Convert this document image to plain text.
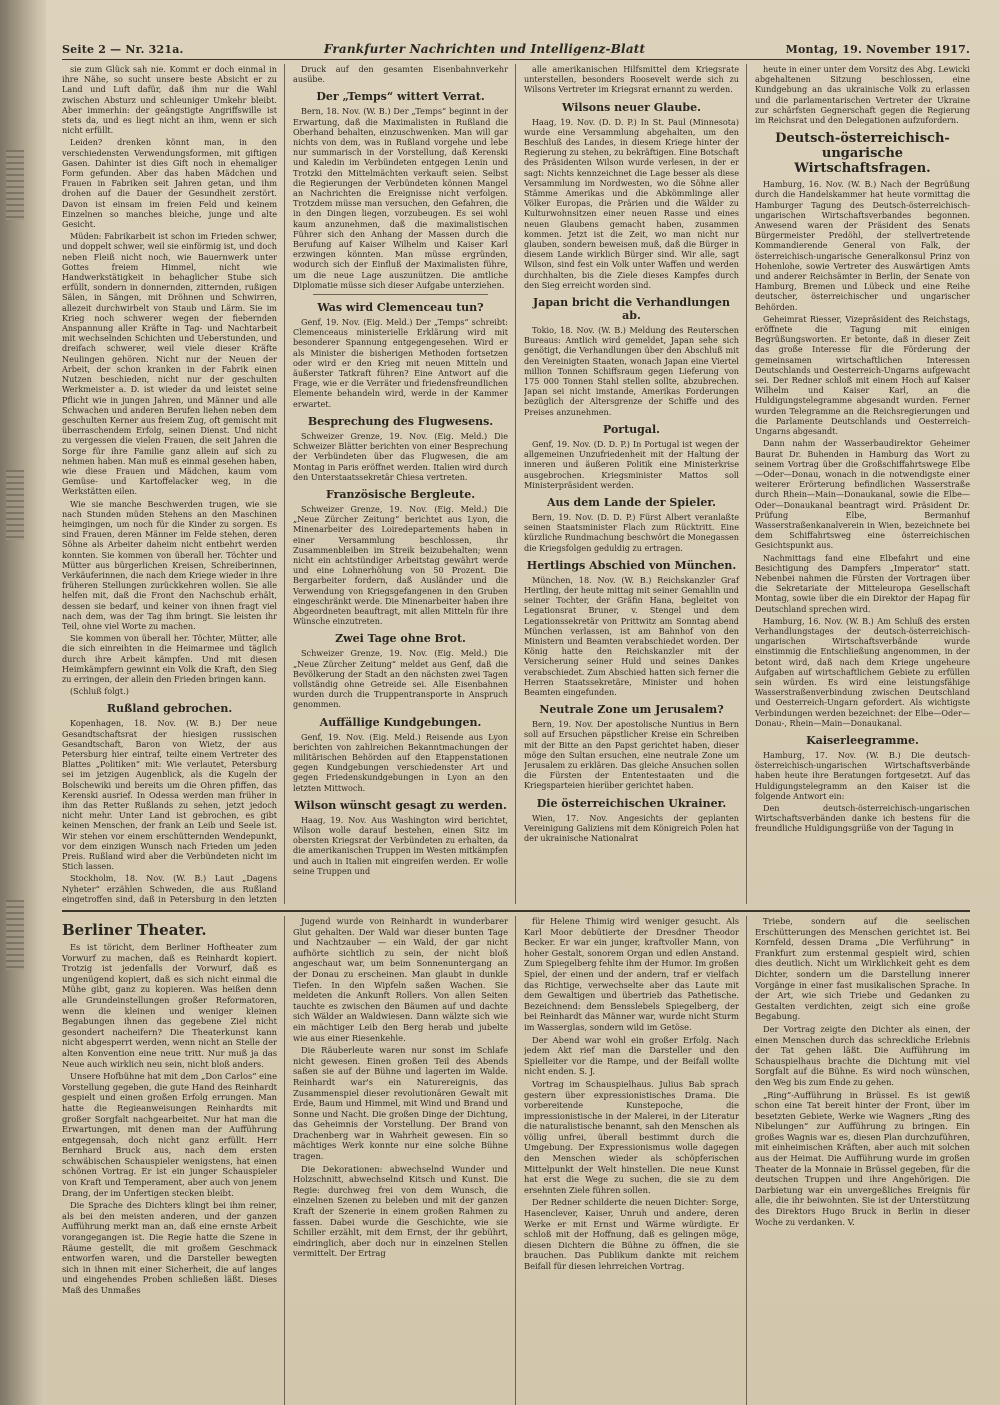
Seite 2 — Nr. 321a.	Frankfurter Nachrichten und Intelligenz-Blatt	Montag, 19. November 1917.

sie zum Glück sah nie. Kommt er doch einmal in ihre Nähe, so sucht unsere beste Absicht er zu Land und Luft dafür, daß ihm nur die Wahl zwischen Absturz und schleuniger Umkehr bleibt. Aber immerhin: der geängstigte Angriffswille ist stets da, und es liegt nicht an ihm, wenn er sich nicht erfüllt.

Leiden? drenken könnt man, in den verschiedensten Verwendungsformen, mit giftigen Gasen. Dahinter ist dies Gift noch in ehemaliger Form gefunden. Aber das haben Mädchen und Frauen in Fabriken seit Jahren getan, und ihm drohen auf die Dauer der Gesundheit zerstört. Davon ist einsam im freien Feld und keinem Einzelnen so manches bleiche, junge und alte Gesicht.

Müden: Fabrikarbeit ist schon im Frieden schwer, und doppelt schwer, weil sie einförmig ist, und doch neben Fleiß nicht noch, wie Bauernwerk unter Gottes freiem Himmel, nicht wie Handwerkstätigkeit in behaglicher Stube sich erfüllt, sondern in donnernden, zitternden, rußigen Sälen, in Sängen, mit Dröhnen und Schwirren, allezeit durchwirbelt von Staub und Lärm. Sie im Krieg noch schwerer wegen der fiebernden Anspannung aller Kräfte in Tag- und Nachtarbeit mit wechselnden Schichten und Ueberstunden, und dreifach schwerer, weil viele dieser Kräfte Neulingen gehören. Nicht nur der Neuen der Arbeit, der schon kranken in der Fabrik einen Nutzen beschieden, nicht nur der geschulten Werkmeister a. D. ist wieder da und leistet seine Pflicht wie in jungen Jahren, und Männer und alle Schwachen und anderen Berufen liehen neben dem geschulten Kerner aus freiem Zug, oft gemischt mit überraschendem Erfolg, seinen Dienst. Und nicht zu vergessen die vielen Frauen, die seit Jahren die Sorge für ihre Familie ganz allein auf sich zu nehmen haben. Man muß es einmal gesehen haben, wie diese Frauen und Mädchen, kaum vom Gemüse- und Kartoffelacker weg, in die Werkstätten eilen.

Wie sie manche Beschwerden trugen, wie sie nach Stunden müden Stehens an den Maschinen heimgingen, um noch für die Kinder zu sorgen. Es sind Frauen, deren Männer im Felde stehen, deren Söhne als Arbeiter daheim nicht entbehrt werden konnten. Sie kommen von überall her. Töchter und Mütter aus bürgerlichen Kreisen, Schreiberinnen, Verkäuferinnen, die nach dem Kriege wieder in ihre früheren Stellungen zurückkehren wollen. Sie alle helfen mit, daß die Front den Nachschub erhält, dessen sie bedarf, und keiner von ihnen fragt viel nach dem, was der Tag ihm bringt. Sie leisten ihr Teil, ohne viel Worte zu machen.

Sie kommen von überall her. Töchter, Mütter, alle die sich einreihten in die Heimarmee und täglich durch ihre Arbeit kämpfen. Und mit diesen Heimkämpfern gewinnt ein Volk die Kraft, den Sieg zu erringen, der allein den Frieden bringen kann.

(Schluß folgt.)

Rußland gebrochen.

Kopenhagen, 18. Nov. (W. B.) Der neue Gesandtschaftsrat der hiesigen russischen Gesandtschaft, Baron von Wietz, der aus Petersburg hier eintraf, teilte einem Vertreter des Blattes „Politiken“ mit: Wie verlautet, Petersburg sei im jetzigen Augenblick, als die Kugeln der Bolschewiki und bereits um die Ohren pfiffen, das Kerenski ausrief. In Odessa werden man früher in ihm das Retter Rußlands zu sehen, jetzt jedoch nicht mehr. Unter Land ist gebrochen, es gibt keinen Menschen, der frank an Leib und Seele ist. Wir stehen vor einem erschütternden Wendepunkt, vor dem einzigen Wunsch nach Frieden um jeden Preis. Rußland wird aber die Verbündeten nicht im Stich lassen.

Stockholm, 18. Nov. (W. B.) Laut „Dagens Nyheter“ erzählen Schweden, die aus Rußland eingetroffen sind, daß in Petersburg in den letzten

Druck auf den gesamten Eisenbahnverkehr ausübe.

Der „Temps“ wittert Verrat.

Bern, 18. Nov. (W. B.) Der „Temps“ beginnt in der Erwartung, daß die Maximalisten in Rußland die Oberhand behalten, einzuschwenken. Man will gar nichts von dem, was in Rußland vorgehe und lebe nur summarisch in der Vorstellung, daß Kerenski und Kaledin im Verbündeten entgegen Lenin und Trotzki den Mittelmächten verkauft seien. Selbst die Regierungen der Verbündeten können Mangel an Nachrichten die Ereignisse nicht verfolgen. Trotzdem müsse man versuchen, den Gefahren, die in den Dingen liegen, vorzubeugen. Es sei wohl kaum anzunehmen, daß die maximalistischen Führer sich den Anhang der Massen durch die Berufung auf Kaiser Wilhelm und Kaiser Karl erzwingen könnten. Man müsse ergründen, wodurch sich der Einfluß der Maximalisten führe, um die neue Lage auszunützen. Die amtliche Diplomatie müsse sich dieser Aufgabe unterziehen.

Was wird Clemenceau tun?

Genf, 19. Nov. (Eig. Meld.) Der „Temps“ schreibt: Clemenceaus ministerielle Erklärung wird mit besonderer Spannung entgegengesehen. Wird er als Minister die bisherigen Methoden fortsetzen oder wird er den Krieg mit neuen Mitteln und äußerster Tatkraft führen? Eine Antwort auf die Frage, wie er die Verräter und friedensfreundlichen Elemente behandeln wird, werde in der Kammer erwartet.

Besprechung des Flugwesens.

Schweizer Grenze, 19. Nov. (Eig. Meld.) Die Schweizer Blätter berichten von einer Besprechung der Verbündeten über das Flugwesen, die am Montag in Paris eröffnet werden. Italien wird durch den Unterstaatssekretär Chiesa vertreten.

Französische Bergleute.

Schweizer Grenze, 19. Nov. (Eig. Meld.) Die „Neue Zürcher Zeitung“ berichtet aus Lyon, die Minenarbeiter des Loiredepartements haben in einer Versammlung beschlossen, ihr Zusammenbleiben im Streik beizubehalten; wenn nicht ein achtstündiger Arbeitstag gewährt werde und eine Lohnerhöhung von 50 Prozent. Die Bergarbeiter fordern, daß Ausländer und die Verwendung von Kriegsgefangenen in den Gruben eingeschränkt werde. Die Minenarbeiter haben ihre Abgeordneten beauftragt, mit allen Mitteln für ihre Wünsche einzutreten.

Zwei Tage ohne Brot.

Schweizer Grenze, 19. Nov. (Eig. Meld.) Die „Neue Zürcher Zeitung“ meldet aus Genf, daß die Bevölkerung der Stadt an den nächsten zwei Tagen vollständig ohne Getreide sei. Alle Eisenbahnen wurden durch die Truppentransporte in Anspruch genommen.

Auffällige Kundgebungen.

Genf, 19. Nov. (Eig. Meld.) Reisende aus Lyon berichten von zahlreichen Bekanntmachungen der militärischen Behörden auf den Etappenstationen gegen Kundgebungen verschiedenster Art und gegen Friedenskundgebungen in Lyon an den letzten Mittwoch.

Wilson wünscht gesagt zu werden.

Haag, 19. Nov. Aus Washington wird berichtet, Wilson wolle darauf bestehen, einen Sitz im obersten Kriegsrat der Verbündeten zu erhalten, da die amerikanischen Truppen im Westen mitkämpfen und auch in Italien mit eingreifen werden. Er wolle seine Truppen und

alle amerikanischen Hilfsmittel dem Kriegsrate unterstellen, besonders Roosevelt werde sich zu Wilsons Vertreter im Kriegsrat ernannt zu werden.

Wilsons neuer Glaube.

Haag, 19. Nov. (D. D. P.) In St. Paul (Minnesota) wurde eine Versammlung abgehalten, um den Beschluß des Landes, in diesem Kriege hinter der Regierung zu stehen, zu bekräftigen. Eine Botschaft des Präsidenten Wilson wurde verlesen, in der er sagt: Nichts kennzeichnet die Lage besser als diese Versammlung im Nordwesten, wo die Söhne aller Stämme Amerikas und die Abkömmlinge aller Völker Europas, die Prärien und die Wälder zu Kulturwohnsitzen einer neuen Rasse und eines neuen Glaubens gemacht haben, zusammen kommen. Jetzt ist die Zeit, wo man nicht nur glauben, sondern beweisen muß, daß die Bürger in diesem Lande wirklich Bürger sind. Wir alle, sagt Wilson, sind fest ein Volk unter Waffen und werden durchhalten, bis die Ziele dieses Kampfes durch den Sieg erreicht worden sind.

Japan bricht die Verhandlungen ab.

Tokio, 18. Nov. (W. B.) Meldung des Reuterschen Bureaus: Amtlich wird gemeldet, Japan sehe sich genötigt, die Verhandlungen über den Abschluß mit den Vereinigten Staaten, wonach Japan eine Viertel million Tonnen Schiffsraum gegen Lieferung von 175 000 Tonnen Stahl stellen sollte, abzubrechen. Japan sei nicht imstande, Amerikas Forderungen bezüglich der Altersgrenze der Schiffe und des Preises anzunehmen.

Portugal.

Genf, 19. Nov. (D. D. P.) In Portugal ist wegen der allgemeinen Unzufriedenheit mit der Haltung der inneren und äußeren Politik eine Ministerkrise ausgebrochen. Kriegsminister Mattos soll Ministerpräsident werden.

Aus dem Lande der Spieler.

Bern, 19. Nov. (D. D. P.) Fürst Albert veranlaßte seinen Staatsminister Flach zum Rücktritt. Eine kürzliche Rundmachung beschwört die Monegassen die Kriegsfolgen geduldig zu ertragen.

Hertlings Abschied von München.

München, 18. Nov. (W. B.) Reichskanzler Graf Hertling, der heute mittag mit seiner Gemahlin und seiner Tochter, der Gräfin Hana, begleitet von Legationsrat Bruner, v. Stengel und dem Legationssekretär von Prittwitz am Sonntag abend München verlassen, ist am Bahnhof von den Ministern und Beamten verabschiedet worden. Der König hatte den Reichskanzler mit der Versicherung seiner Huld und seines Dankes verabschiedet. Zum Abschied hatten sich ferner die Herren Staatssekretäre, Minister und hohen Beamten eingefunden.

Neutrale Zone um Jerusalem?

Bern, 19. Nov. Der apostolische Nuntius in Bern soll auf Ersuchen päpstlicher Kreise ein Schreiben mit der Bitte an den Papst gerichtet haben, dieser möge den Sultan ersuchen, eine neutrale Zone um Jerusalem zu erklären. Das gleiche Ansuchen sollen die Fürsten der Ententestaaten und die Kriegsparteien hierüber gerichtet haben.

Die österreichischen Ukrainer.

Wien, 17. Nov. Angesichts der geplanten Vereinigung Galiziens mit dem Königreich Polen hat der ukrainische Nationalrat

heute in einer unter dem Vorsitz des Abg. Lewicki abgehaltenen Sitzung beschlossen, eine Kundgebung an das ukrainische Volk zu erlassen und die parlamentarischen Vertreter der Ukraine zur schärfsten Gegnerschaft gegen die Regierung im Reichsrat und den Delegationen aufzufordern.

Deutsch-österreichisch-ungarische Wirtschaftsfragen.

Hamburg, 16. Nov. (W. B.) Nach der Begrüßung durch die Handelskammer hat heute vormittag die Hamburger Tagung des Deutsch-österreichisch-ungarischen Wirtschaftsverbandes begonnen. Anwesend waren der Präsident des Senats Bürgermeister Predöhl, der stellvertretende Kommandierende General von Falk, der österreichisch-ungarische Generalkonsul Prinz von Hohenlohe, sowie Vertreter des Auswärtigen Amts und anderer Reichsämter in Berlin, der Senate von Hamburg, Bremen und Lübeck und eine Reihe deutscher, österreichischer und ungarischer Behörden.

Geheimrat Riesser, Vizepräsident des Reichstags, eröffnete die Tagung mit einigen Begrüßungsworten. Er betonte, daß in dieser Zeit das große Interesse für die Förderung der gemeinsamen wirtschaftlichen Interessen Deutschlands und Oesterreich-Ungarns aufgewacht sei. Der Redner schloß mit einem Hoch auf Kaiser Wilhelm und Kaiser Karl, an die Huldigungstelegramme abgesandt wurden. Ferner wurden Telegramme an die Reichsregierungen und die Parlamente Deutschlands und Oesterreich-Ungarns abgesandt.

Dann nahm der Wasserbaudirektor Geheimer Baurat Dr. Buhenden in Hamburg das Wort zu seinem Vortrag über die Großschiffahrtswege Elbe—Oder—Donau, wonach in die notwendigste einer weiterer Erörterung befindlichen Wasserstraße durch Rhein—Main—Donaukanal, sowie die Elbe—Oder—Donaukanal beantragt wird. Präsident Dr. Prüfung Elbe, Bermanhuf Wasserstraßenkanalverein in Wien, bezeichnete bei dem Schiffahrtsweg eine österreichischen Gesichtspunkt aus.

Nachmittags fand eine Elbefahrt und eine Besichtigung des Dampfers „Imperator“ statt. Nebenbei nahmen die Fürsten der Vortragen über die Sekretariate der Mitteleuropa Gesellschaft Montag, sowie über die ein Direktor der Hapag für Deutschland sprechen wird.

Hamburg, 16. Nov. (W. B.) Am Schluß des ersten Verhandlungstages der deutsch-österreichisch-ungarischen Wirtschaftsverbände wurde einstimmig die Entschließung angenommen, in der betont wird, daß nach dem Kriege ungeheure Aufgaben auf wirtschaftlichem Gebiete zu erfüllen sein würden. Es wird eine leistungsfähige Wasserstraßenverbindung zwischen Deutschland und Oesterreich-Ungarn gefordert. Als wichtigste Verbindungen werden bezeichnet: der Elbe—Oder—Donau-, Rhein—Main—Donaukanal.

Kaiserleegramme.

Hamburg, 17. Nov. (W. B.) Die deutsch-österreichisch-ungarischen Wirtschaftsverbände haben heute ihre Beratungen fortgesetzt. Auf das Huldigungstelegramm an den Kaiser ist die folgende Antwort ein:

Den deutsch-österreichisch-ungarischen Wirtschaftsverbänden danke ich bestens für die freundliche Huldigungsgrüße von der Tagung in

Berliner Theater.

Es ist töricht, dem Berliner Hoftheater zum Vorwurf zu machen, daß es Reinhardt kopiert. Trotzig ist jedenfalls der Vorwurf, daß es ungenügend kopiert, daß es sich nicht einmal die Mühe gibt, ganz zu kopieren. Was heißen denn alle Grundeinstellungen großer Reformatoren, wenn die kleinen und weniger kleinen Begabungen ihnen das gegebene Ziel nicht gesondert nacheifern? Die Theaterkunst kann nicht abgesperrt werden, wenn nicht an Stelle der alten Konvention eine neue tritt. Nur muß ja das Neue auch wirklich neu sein, nicht bloß anders.

Unsere Hofbühne hat mit dem „Don Carlos“ eine Vorstellung gegeben, die gute Hand des Reinhardt gespielt und einen großen Erfolg errungen. Man hatte die Regieanweisungen Reinhardts mit großer Sorgfalt nachgearbeitet. Nur hat man die Erwartungen, mit denen man der Aufführung entgegensah, doch nicht ganz erfüllt. Herr Bernhard Bruck aus, nach dem ersten schwäbischen Schauspieler wenigstens, hat einen schönen Vortrag. Er ist ein junger Schauspieler von Kraft und Temperament, aber auch von jenem Drang, der im Unfertigen stecken bleibt.

Die Sprache des Dichters klingt bei ihm reiner, als bei den meisten anderen, und der ganzen Aufführung merkt man an, daß eine ernste Arbeit vorangegangen ist. Die Regie hatte die Szene in Räume gestellt, die mit großem Geschmack entworfen waren, und die Darsteller bewegten sich in ihnen mit einer Sicherheit, die auf langes und eingehendes Proben schließen läßt. Dieses Maß des Unmaßes

Jugend wurde von Reinhardt in wunderbarer Glut gehalten. Der Wald war dieser bunten Tage und Nachtzauber — ein Wald, der gar nicht aufhörte sichtlich zu sein, der nicht bloß angeschaut war, um beim Sonnenuntergang an der Donau zu erscheinen. Man glaubt in dunkle Tiefen. In den Wipfeln saßen Wachen. Sie meldeten die Ankunft Rollers. Von allen Seiten tauchte es zwischen den Bäumen auf und dachte sich Wälder an Waldwiesen. Dann wälzte sich wie ein mächtiger Leib den Berg herab und jubelte wie aus einer Riesenkehle.

Die Räuberleute waren nur sonst im Schlafe nicht gewesen. Einen großen Teil des Abends saßen sie auf der Bühne und lagerten im Walde. Reinhardt war's ein Naturereignis, das Zusammenspiel dieser revolutionären Gewalt mit Erde, Baum und Himmel, mit Wind und Brand und Sonne und Nacht. Die großen Dinge der Dichtung, das Geheimnis der Vorstellung. Der Brand von Drachenberg war in Wahrheit gewesen. Ein so mächtiges Werk konnte nur eine solche Bühne tragen.

Die Dekorationen: abwechselnd Wunder und Holzschnitt, abwechselnd Kitsch und Kunst. Die Regie: durchweg frei von dem Wunsch, die einzelnen Szenen zu beleben und mit der ganzen Kraft der Szenerie in einem großen Rahmen zu fassen. Dabei wurde die Geschichte, wie sie Schiller erzählt, mit dem Ernst, der ihr gebührt, eindringlich, aber doch nur in einzelnen Stellen vermittelt. Der Ertrag

für Helene Thimig wird weniger gesucht. Als Karl Moor debütierte der Dresdner Theodor Becker. Er war ein junger, kraftvoller Mann, von hoher Gestalt, sonorem Organ und edlen Anstand. Zum Spiegelberg fehlte ihm der Humor. Im großen Spiel, der einen und der andern, traf er vielfach das Richtige, verwechselte aber das Laute mit dem Gewaltigen und übertrieb das Pathetische. Bezeichnend: dem Bensslebels Spiegelberg, der bei Reinhardt das Männer war, wurde nicht Sturm im Wasserglas, sondern wild im Getöse.

Der Abend war wohl ein großer Erfolg. Nach jedem Akt rief man die Darsteller und den Spielleiter vor die Rampe, und der Beifall wollte nicht enden. S. J.

Vortrag im Schauspielhaus. Julius Bab sprach gestern über expressionistisches Drama. Die vorbereitende Kunstepoche, die impressionistische in der Malerei, in der Literatur die naturalistische benannt, sah den Menschen als völlig unfrei, überall bestimmt durch die Umgebung. Der Expressionismus wolle dagegen den Menschen wieder als schöpferischen Mittelpunkt der Welt hinstellen. Die neue Kunst hat erst die Wege zu suchen, die sie zu dem ersehnten Ziele führen sollen.

Der Redner schilderte die neuen Dichter: Sorge, Hasenclever, Kaiser, Unruh und andere, deren Werke er mit Ernst und Wärme würdigte. Er schloß mit der Hoffnung, daß es gelingen möge, diesen Dichtern die Bühne zu öffnen, die sie brauchen. Das Publikum dankte mit reichem Beifall für diesen lehrreichen Vortrag.

Triebe, sondern auf die seelischen Erschütterungen des Menschen gerichtet ist. Bei Kornfeld, dessen Drama „Die Verführung“ in Frankfurt zum erstenmal gespielt wird, schien dies deutlich. Nicht um Wirklichkeit geht es dem Dichter, sondern um die Darstellung innerer Vorgänge in einer fast musikalischen Sprache. In der Art, wie sich Triebe und Gedanken zu Gestalten verdichten, zeigt sich eine große Begabung.

Der Vortrag zeigte den Dichter als einen, der einen Menschen durch das schreckliche Erlebnis der Tat gehen läßt. Die Aufführung im Schauspielhaus brachte die Dichtung mit viel Sorgfalt auf die Bühne. Es wird noch wünschen, den Weg bis zum Ende zu gehen.

„Ring“-Aufführung in Brüssel. Es ist gewiß schon eine Tat bereit hinter der Front, über im besetzten Gebiete, Werke wie Wagners „Ring des Nibelungen“ zur Aufführung zu bringen. Ein großes Wagnis war es, diesen Plan durchzuführen, mit einheimischen Kräften, aber auch mit solchen aus der Heimat. Die Aufführung wurde im großen Theater de la Monnaie in Brüssel gegeben, für die deutschen Truppen und ihre Angehörigen. Die Darbietung war ein unvergeßliches Ereignis für alle, die ihr beiwohnten. Sie ist der Unterstützung des Direktors Hugo Bruck in Berlin in dieser Woche zu verdanken. V.
